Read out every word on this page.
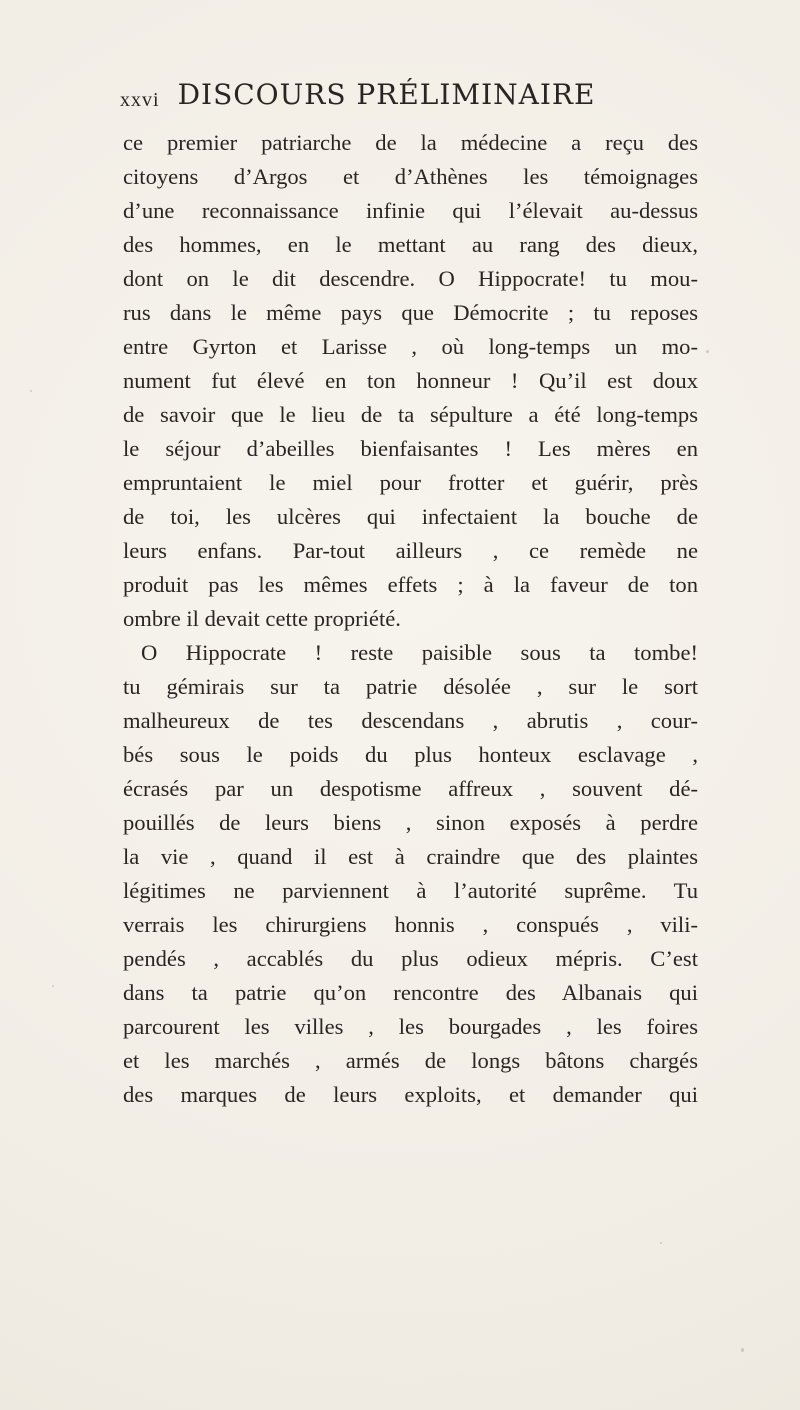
xxvi DISCOURS PRÉLIMINAIRE
ce premier patriarche de la médecine a reçu des
citoyens d’Argos et d’Athènes les témoignages
d’une reconnaissance infinie qui l’élevait au-dessus
des hommes, en le mettant au rang des dieux,
dont on le dit descendre. O Hippocrate! tu mou-
rus dans le même pays que Démocrite ; tu reposes
entre Gyrton et Larisse , où long-temps un mo-
nument fut élevé en ton honneur ! Qu’il est doux
de savoir que le lieu de ta sépulture a été long-temps
le séjour d’abeilles bienfaisantes ! Les mères en
empruntaient le miel pour frotter et guérir, près
de toi, les ulcères qui infectaient la bouche de
leurs enfans. Par-tout ailleurs , ce remède ne
produit pas les mêmes effets ; à la faveur de ton
ombre il devait cette propriété.
O Hippocrate ! reste paisible sous ta tombe!
tu gémirais sur ta patrie désolée , sur le sort
malheureux de tes descendans , abrutis , cour-
bés sous le poids du plus honteux esclavage ,
écrasés par un despotisme affreux , souvent dé-
pouillés de leurs biens , sinon exposés à perdre
la vie , quand il est à craindre que des plaintes
légitimes ne parviennent à l’autorité suprême. Tu
verrais les chirurgiens honnis , conspués , vili-
pendés , accablés du plus odieux mépris. C’est
dans ta patrie qu’on rencontre des Albanais qui
parcourent les villes , les bourgades , les foires
et les marchés , armés de longs bâtons chargés
des marques de leurs exploits, et demander qui
